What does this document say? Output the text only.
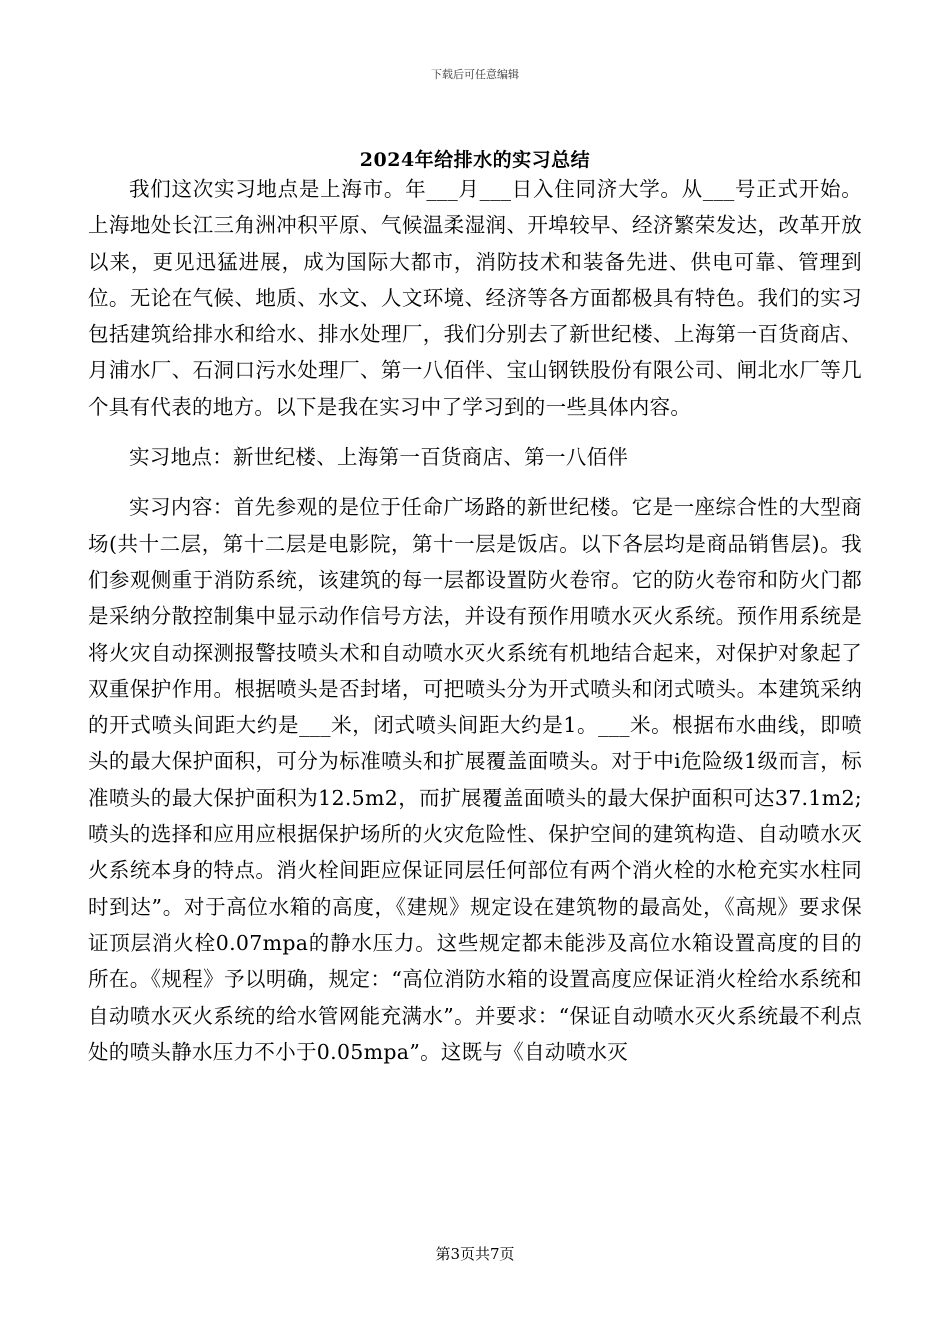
下载后可任意编辑
2024年给排水的实习总结

我们这次实习地点是上海市。年___月___日入住同济大学。从___号正式开始。上海地处长江三角洲冲积平原、气候温柔湿润、开埠较早、经济繁荣发达，改革开放以来，更见迅猛进展，成为国际大都市，消防技术和装备先进、供电可靠、管理到位。无论在气候、地质、水文、人文环境、经济等各方面都极具有特色。我们的实习包括建筑给排水和给水、排水处理厂，我们分别去了新世纪楼、上海第一百货商店、月浦水厂、石洞口污水处理厂、第一八佰伴、宝山钢铁股份有限公司、闸北水厂等几个具有代表的地方。以下是我在实习中了学习到的一些具体内容。

实习地点：新世纪楼、上海第一百货商店、第一八佰伴

实习内容：首先参观的是位于任命广场路的新世纪楼。它是一座综合性的大型商场(共十二层，第十二层是电影院，第十一层是饭店。以下各层均是商品销售层)。我们参观侧重于消防系统，该建筑的每一层都设置防火卷帘。它的防火卷帘和防火门都是采纳分散控制集中显示动作信号方法，并设有预作用喷水灭火系统。预作用系统是将火灾自动探测报警技喷头术和自动喷水灭火系统有机地结合起来，对保护对象起了双重保护作用。根据喷头是否封堵，可把喷头分为开式喷头和闭式喷头。本建筑采纳的开式喷头间距大约是___米，闭式喷头间距大约是1。___米。根据布水曲线，即喷头的最大保护面积，可分为标准喷头和扩展覆盖面喷头。对于中i危险级1级而言，标准喷头的最大保护面积为12.5m2，而扩展覆盖面喷头的最大保护面积可达37.1m2;喷头的选择和应用应根据保护场所的火灾危险性、保护空间的建筑构造、自动喷水灭火系统本身的特点。消火栓间距应保证同层任何部位有两个消火栓的水枪充实水柱同时到达”。对于高位水箱的高度，《建规》规定设在建筑物的最高处，《高规》要求保证顶层消火栓0.07mpa的静水压力。这些规定都未能涉及高位水箱设置高度的目的所在。《规程》予以明确，规定：“高位消防水箱的设置高度应保证消火栓给水系统和自动喷水灭火系统的给水管网能充满水”。并要求：“保证自动喷水灭火系统最不利点处的喷头静水压力不小于0.05mpa”。这既与《自动喷水灭

第3页共7页
